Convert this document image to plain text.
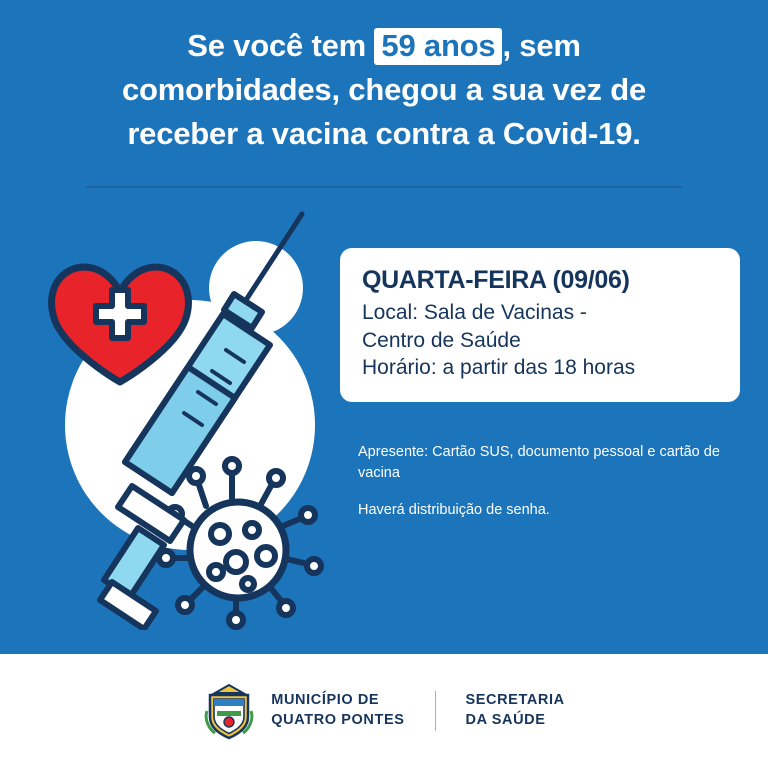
Se você tem 59 anos , sem
comorbidades, chegou a sua vez de
receber a vacina contra a Covid-19.
QUARTA-FEIRA (09/06)
Local: Sala de Vacinas -
Centro de Saúde
Horário: a partir das 18 horas
Apresente: Cartão SUS, documento pessoal e cartão de vacina
Haverá distribuição de senha.
MUNICÍPIO DE
QUATRO PONTES
SECRETARIA
DA SAÚDE
